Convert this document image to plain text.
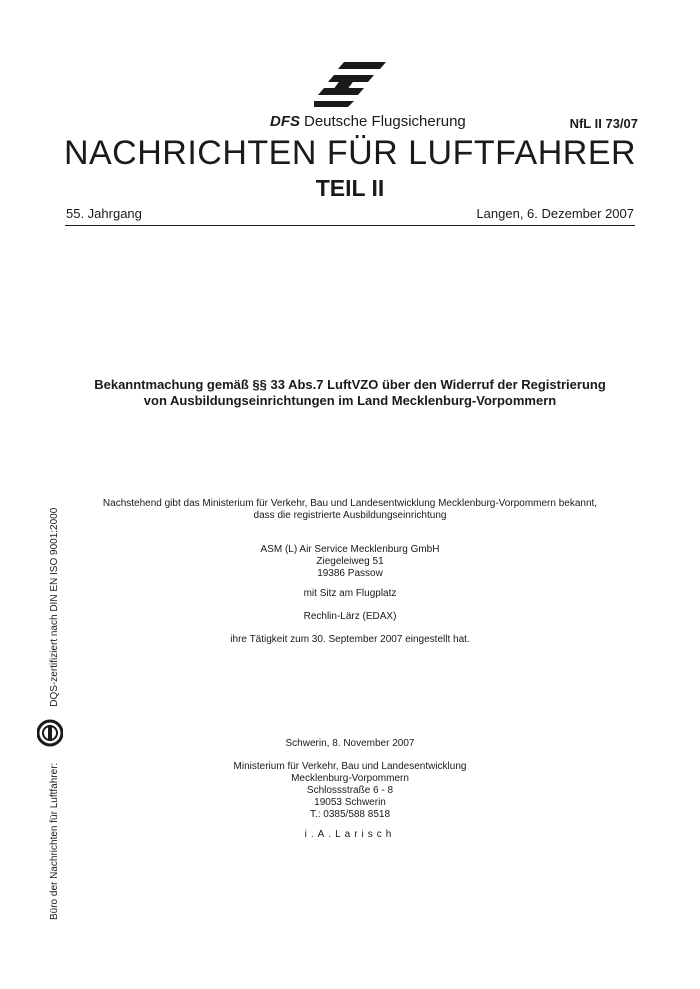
DFS Deutsche Flugsicherung	NfL II 73/07
NACHRICHTEN FÜR LUFTFAHRER
TEIL II
55. Jahrgang	Langen, 6. Dezember 2007
Bekanntmachung gemäß §§ 33 Abs.7 LuftVZO über den Widerruf der Registrierung
von Ausbildungseinrichtungen im Land Mecklenburg-Vorpommern
Nachstehend gibt das Ministerium für Verkehr, Bau und Landesentwicklung Mecklenburg-Vorpommern bekannt,
dass die registrierte Ausbildungseinrichtung
ASM (L) Air Service Mecklenburg GmbH
Ziegeleiweg 51
19386 Passow
mit Sitz am Flugplatz
Rechlin-Lärz (EDAX)
ihre Tätigkeit zum 30. September 2007 eingestellt hat.
Schwerin, 8. November 2007
Ministerium für Verkehr, Bau und Landesentwicklung
Mecklenburg-Vorpommern
Schlossstraße 6 - 8
19053 Schwerin
T.: 0385/588 8518
i.A.Larisch
Büro der Nachrichten für Luftfahrer:DQS-zertifiziert nach DIN EN ISO 9001:2000
